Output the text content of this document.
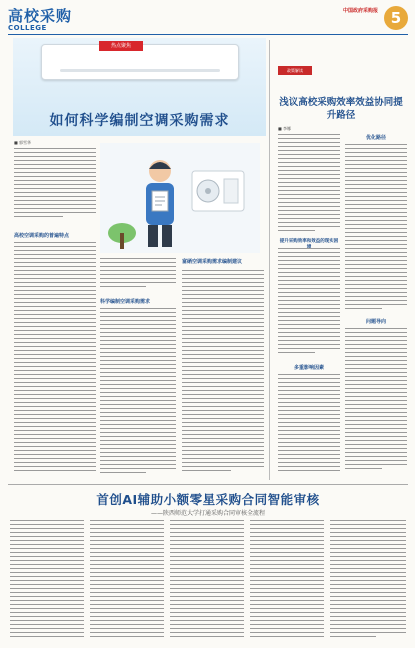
高校采购
COLLEGE
中国政府采购报 5
热点聚焦
如何科学编制空调采购需求
■ 郭雪华
高校空调采购的普遍特点
科学编制空调采购需求
富硒空调采购需求编制建议
政策解读
浅议高校采购效率效益协同提升路径
■ 李娜
提升采购效率和效益的现实困
多重影响因素
优化路径
问题导向
首创AI辅助小额零星采购合同智能审核
——陕西师范大学打通采购合同审核全流程
